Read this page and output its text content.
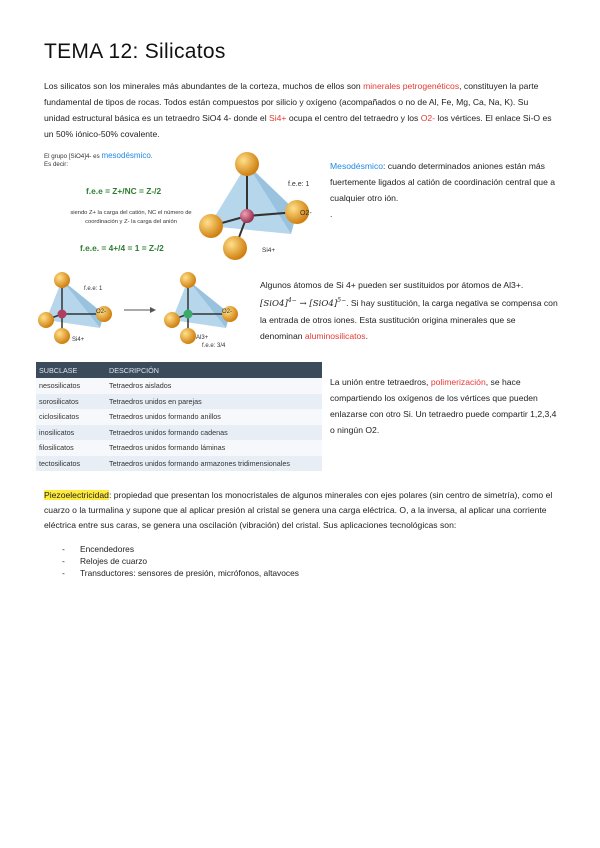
TEMA 12: Silicatos
Los silicatos son los minerales más abundantes de la corteza, muchos de ellos son minerales petrogenéticos, constituyen la parte fundamental de tipos de rocas. Todos están compuestos por silicio y oxígeno (acompañados o no de Al, Fe, Mg, Ca, Na, K). Su unidad estructural básica es un tetraedro SiO4 4- donde el Si4+ ocupa el centro del tetraedro y los O2- los vértices. El enlace Si-O es un 50% iónico-50% covalente.
El grupo [SiO4]4- es mesodésmico.
Es decir:
f.e.e = Z+/NC = Z-/2
siendo Z+ la carga del catión, NC el número de coordinación y Z- la carga del anión
f.e.e. = 4+/4 = 1 = Z-/2
f.e.e: 1
O2-
Si4+
Mesodésmico: cuando determinados aniones están más fuertemente ligados al catión de coordinación central que a cualquier otro ión.
.
f.e.e: 1
Si4+
O2-
f.e.e: 3/4
Al3+
O2-
Algunos átomos de Si 4+ pueden ser sustituidos por átomos de Al3+.
$[SiO4]^{4-} \to [SiO4]^{5-}$. Si hay sustitución, la carga negativa se compensa con la entrada de otros iones. Esta sustitución origina minerales que se denominan aluminosilicatos.
SUBCLASE	DESCRIPCIÓN
nesosilicatos	Tetraedros aislados
sorosilicatos	Tetraedros unidos en parejas
ciclosilicatos	Tetraedros unidos formando anillos
inosilicatos	Tetraedros unidos formando cadenas
filosilicatos	Tetraedros unidos formando láminas
tectosilicatos	Tetraedros unidos formando armazones tridimensionales
La unión entre tetraedros, polimerización, se hace compartiendo los oxígenos de los vértices que pueden enlazarse con otro Si. Un tetraedro puede compartir 1,2,3,4 o ningún O2.
Piezoelectricidad: propiedad que presentan los monocristales de algunos minerales con ejes polares (sin centro de simetría), como el cuarzo o la turmalina y supone que al aplicar presión al cristal se genera una carga eléctrica. O, a la inversa, al aplicar una corriente eléctrica entre sus caras, se genera una oscilación (vibración) del cristal. Sus aplicaciones tecnológicas son:
- Encendedores
- Relojes de cuarzo
- Transductores: sensores de presión, micrófonos, altavoces
